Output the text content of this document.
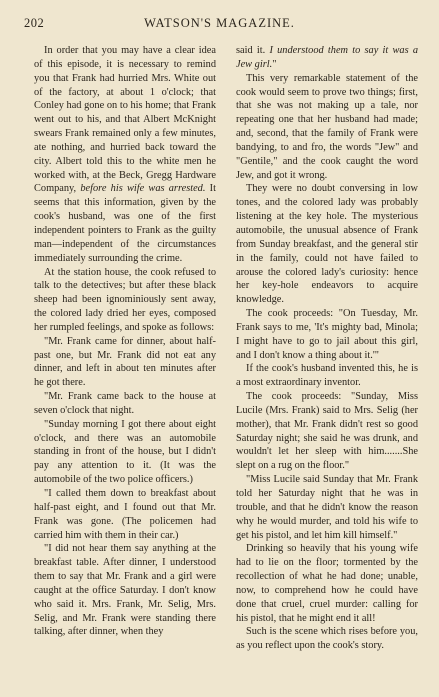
202	WATSON'S MAGAZINE.

In order that you may have a clear idea of this episode, it is necessary to remind you that Frank had hurried Mrs. White out of the factory, at about 1 o'clock; that Conley had gone on to his home; that Frank went out to his, and that Albert McKnight swears Frank remained only a few minutes, ate nothing, and hurried back toward the city. Albert told this to the white men he worked with, at the Beck, Gregg Hardware Company, before his wife was arrested. It seems that this information, given by the cook's husband, was one of the first independent pointers to Frank as the guilty man—independent of the circumstances immediately surrounding the crime.

At the station house, the cook refused to talk to the detectives; but after these black sheep had been ignominiously sent away, the colored lady dried her eyes, composed her rumpled feelings, and spoke as follows:

"Mr. Frank came for dinner, about half-past one, but Mr. Frank did not eat any dinner, and left in about ten minutes after he got there.

"Mr. Frank came back to the house at seven o'clock that night.

"Sunday morning I got there about eight o'clock, and there was an automobile standing in front of the house, but I didn't pay any attention to it. (It was the automobile of the two police officers.)

"I called them down to breakfast about half-past eight, and I found out that Mr. Frank was gone. (The policemen had carried him with them in their car.)

"I did not hear them say anything at the breakfast table. After dinner, I understood them to say that Mr. Frank and a girl were caught at the office Saturday. I don't know who said it. Mrs. Frank, Mr. Selig, Mrs. Selig, and Mr. Frank were standing there talking, after dinner, when they

said it. I understood them to say it was a Jew girl."

This very remarkable statement of the cook would seem to prove two things; first, that she was not making up a tale, nor repeating one that her husband had made; and, second, that the family of Frank were bandying, to and fro, the words "Jew" and "Gentile," and the cook caught the word Jew, and got it wrong.

They were no doubt conversing in low tones, and the colored lady was probably listening at the key hole. The mysterious automobile, the unusual absence of Frank from Sunday breakfast, and the general stir in the family, could not have failed to arouse the colored lady's curiosity: hence her key-hole endeavors to acquire knowledge.

The cook proceeds: "On Tuesday, Mr. Frank says to me, 'It's mighty bad, Minola; I might have to go to jail about this girl, and I don't know a thing about it.'"

If the cook's husband invented this, he is a most extraordinary inventor.

The cook proceeds: "Sunday, Miss Lucile (Mrs. Frank) said to Mrs. Selig (her mother), that Mr. Frank didn't rest so good Saturday night; she said he was drunk, and wouldn't let her sleep with him.......She slept on a rug on the floor."

"Miss Lucile said Sunday that Mr. Frank told her Saturday night that he was in trouble, and that he didn't know the reason why he would murder, and told his wife to get his pistol, and let him kill himself."

Drinking so heavily that his young wife had to lie on the floor; tormented by the recollection of what he had done; unable, now, to comprehend how he could have done that cruel, cruel murder: calling for his pistol, that he might end it all!

Such is the scene which rises before you, as you reflect upon the cook's story.
